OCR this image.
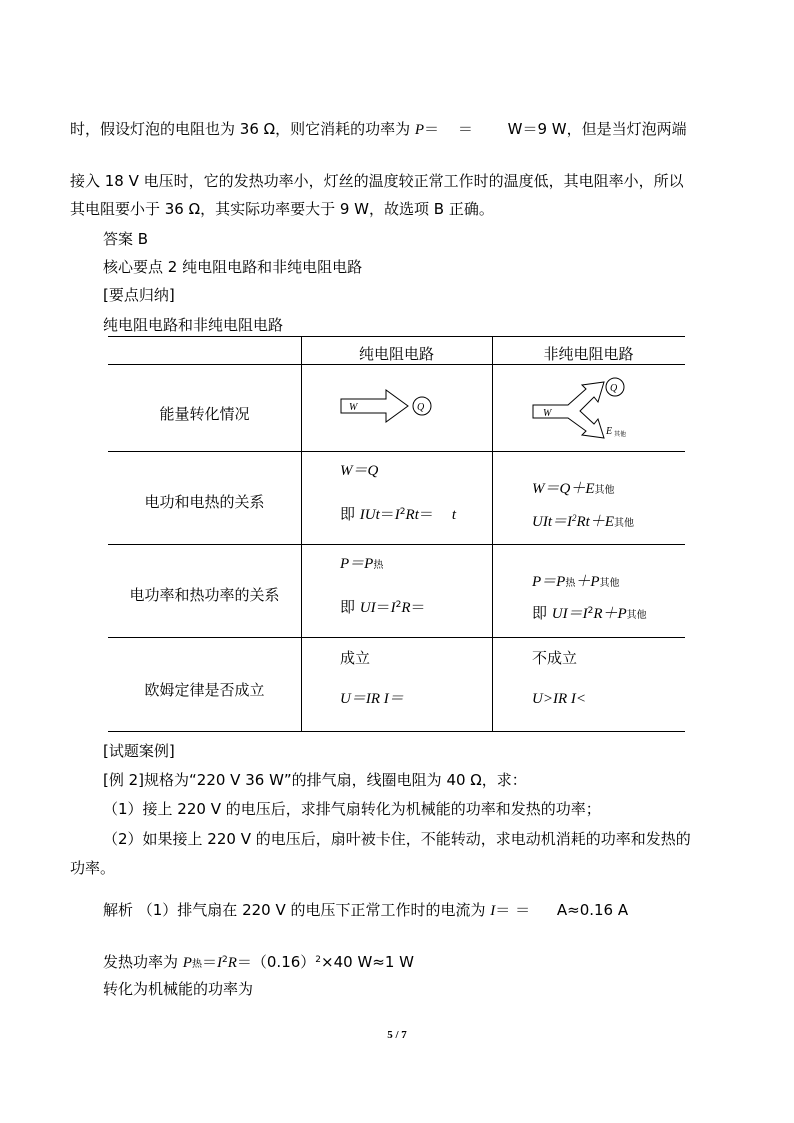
时，假设灯泡的电阻也为 36 Ω，则它消耗的功率为 P＝ ＝ W＝9 W，但是当灯泡两端
接入 18 V 电压时，它的发热功率小，灯丝的温度较正常工作时的温度低，其电阻率小，所以
其电阻要小于 36 Ω，其实际功率要大于 9 W，故选项 B 正确。
答案 B
核心要点 2 纯电阻电路和非纯电阻电路
[要点归纳]
纯电阻电路和非纯电阻电路
纯电阻电路	非纯电阻电路
能量转化情况
电功和电热的关系
电功率和热功率的关系
欧姆定律是否成立
W	Q
W
Q
E 其他
W＝Q
即 $IUt=I^2Rt= t$
W＝Q＋E其他
$UIt=I^2Rt+E$其他
P＝P热
即 $UI=I^2R=$
P＝P热＋P其他
即 $UI=I^2R+P$其他
成立
U＝IR I＝
不成立
U>IR I<
[试题案例]
[例 2]规格为“220 V 36 W”的排气扇，线圈电阻为 40 Ω，求：
（1）接上 220 V 的电压后，求排气扇转化为机械能的功率和发热的功率；
（2）如果接上 220 V 的电压后，扇叶被卡住，不能转动，求电动机消耗的功率和发热的
功率。
解析 （1）排气扇在 220 V 的电压下正常工作时的电流为 I＝ ＝ A≈0.16 A
发热功率为 P热$=I^2R=(0.16)^2\times 40$ W≈1 W
转化为机械能的功率为
5 / 7
